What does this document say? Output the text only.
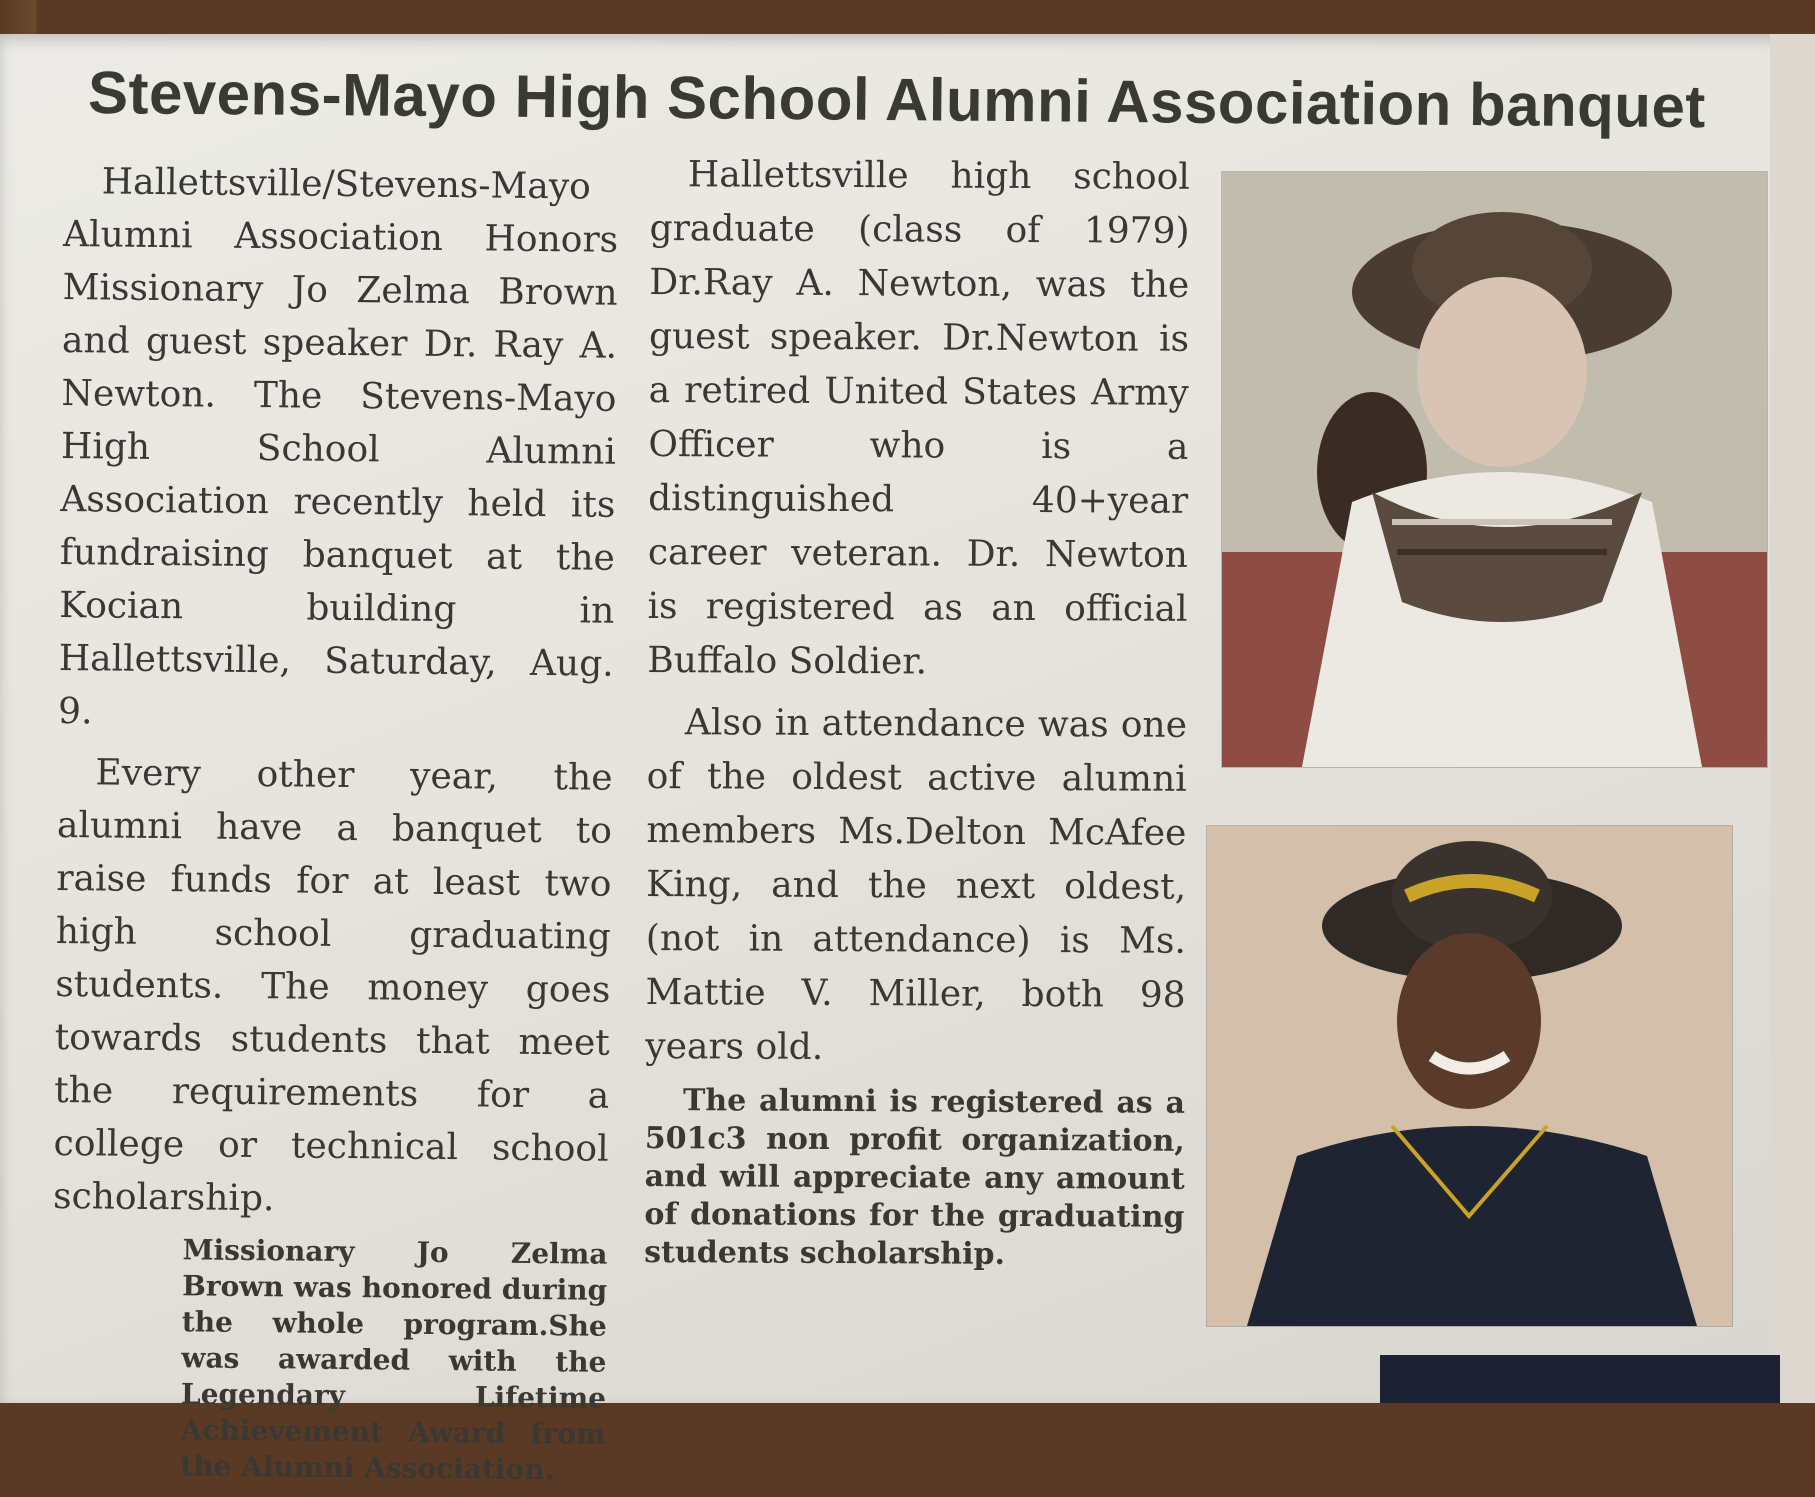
Stevens-Mayo High School Alumni Association banquet

Hallettsville/Stevens-Mayo Alumni Association Honors Missionary Jo Zelma Brown and guest speaker Dr. Ray A. Newton. The Stevens-Mayo High School Alumni Association recently held its fundraising banquet at the Kocian building in Hallettsville, Saturday, Aug. 9.

Every other year, the alumni have a banquet to raise funds for at least two high school graduating students. The money goes towards students that meet the requirements for a college or technical school scholarship.

Missionary Jo Zelma Brown was honored during the whole program.She was awarded with the Legendary Lifetime Achievement Award from the Alumni Association.

Hallettsville high school graduate (class of 1979) Dr.Ray A. Newton, was the guest speaker. Dr.Newton is a retired United States Army Officer who is a distinguished 40+year career veteran. Dr. Newton is registered as an official Buffalo Soldier.

Also in attendance was one of the oldest active alumni members Ms.Delton McAfee King, and the next oldest, (not in attendance) is Ms. Mattie V. Miller, both 98 years old.

The alumni is registered as a 501c3 non profit organization, and will appreciate any amount of donations for the graduating students scholarship.
